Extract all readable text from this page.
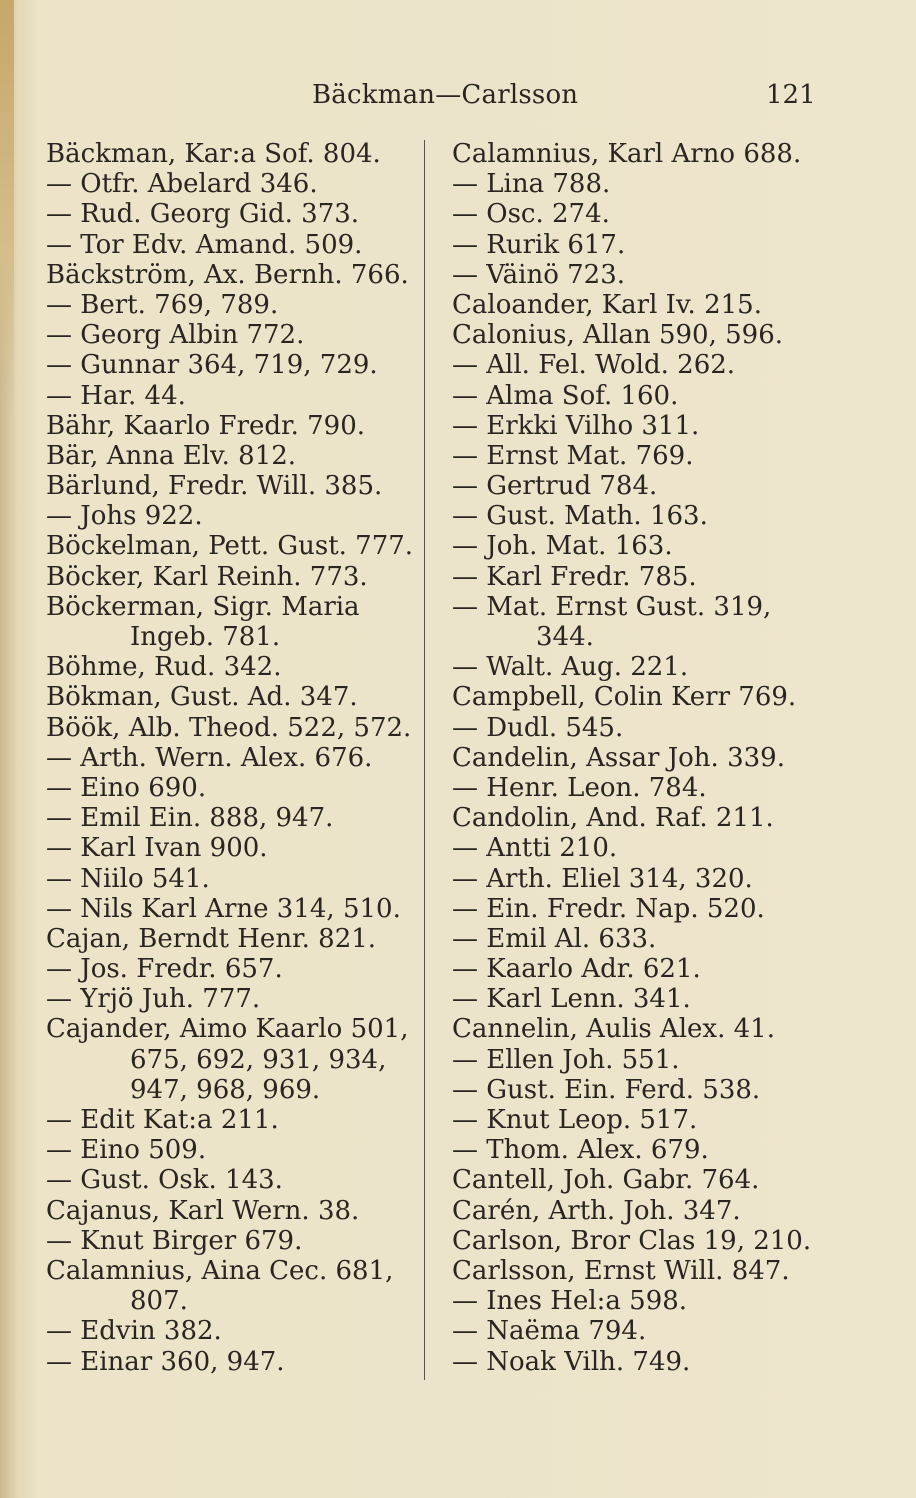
Bäckman—Carlsson	121
Bäckman, Kar:a Sof. 804.
— Otfr. Abelard 346.
— Rud. Georg Gid. 373.
— Tor Edv. Amand. 509.
Bäckström, Ax. Bernh. 766.
— Bert. 769, 789.
— Georg Albin 772.
— Gunnar 364, 719, 729.
— Har. 44.
Bähr, Kaarlo Fredr. 790.
Bär, Anna Elv. 812.
Bärlund, Fredr. Will. 385.
— Johs 922.
Böckelman, Pett. Gust. 777.
Böcker, Karl Reinh. 773.
Böckerman, Sigr. Maria
Ingeb. 781.
Böhme, Rud. 342.
Bökman, Gust. Ad. 347.
Böök, Alb. Theod. 522, 572.
— Arth. Wern. Alex. 676.
— Eino 690.
— Emil Ein. 888, 947.
— Karl Ivan 900.
— Niilo 541.
— Nils Karl Arne 314, 510.
Cajan, Berndt Henr. 821.
— Jos. Fredr. 657.
— Yrjö Juh. 777.
Cajander, Aimo Kaarlo 501,
675, 692, 931, 934,
947, 968, 969.
— Edit Kat:a 211.
— Eino 509.
— Gust. Osk. 143.
Cajanus, Karl Wern. 38.
— Knut Birger 679.
Calamnius, Aina Cec. 681,
807.
— Edvin 382.
— Einar 360, 947.
Calamnius, Karl Arno 688.
— Lina 788.
— Osc. 274.
— Rurik 617.
— Väinö 723.
Caloander, Karl Iv. 215.
Calonius, Allan 590, 596.
— All. Fel. Wold. 262.
— Alma Sof. 160.
— Erkki Vilho 311.
— Ernst Mat. 769.
— Gertrud 784.
— Gust. Math. 163.
— Joh. Mat. 163.
— Karl Fredr. 785.
— Mat. Ernst Gust. 319,
344.
— Walt. Aug. 221.
Campbell, Colin Kerr 769.
— Dudl. 545.
Candelin, Assar Joh. 339.
— Henr. Leon. 784.
Candolin, And. Raf. 211.
— Antti 210.
— Arth. Eliel 314, 320.
— Ein. Fredr. Nap. 520.
— Emil Al. 633.
— Kaarlo Adr. 621.
— Karl Lenn. 341.
Cannelin, Aulis Alex. 41.
— Ellen Joh. 551.
— Gust. Ein. Ferd. 538.
— Knut Leop. 517.
— Thom. Alex. 679.
Cantell, Joh. Gabr. 764.
Carén, Arth. Joh. 347.
Carlson, Bror Clas 19, 210.
Carlsson, Ernst Will. 847.
— Ines Hel:a 598.
— Naëma 794.
— Noak Vilh. 749.
